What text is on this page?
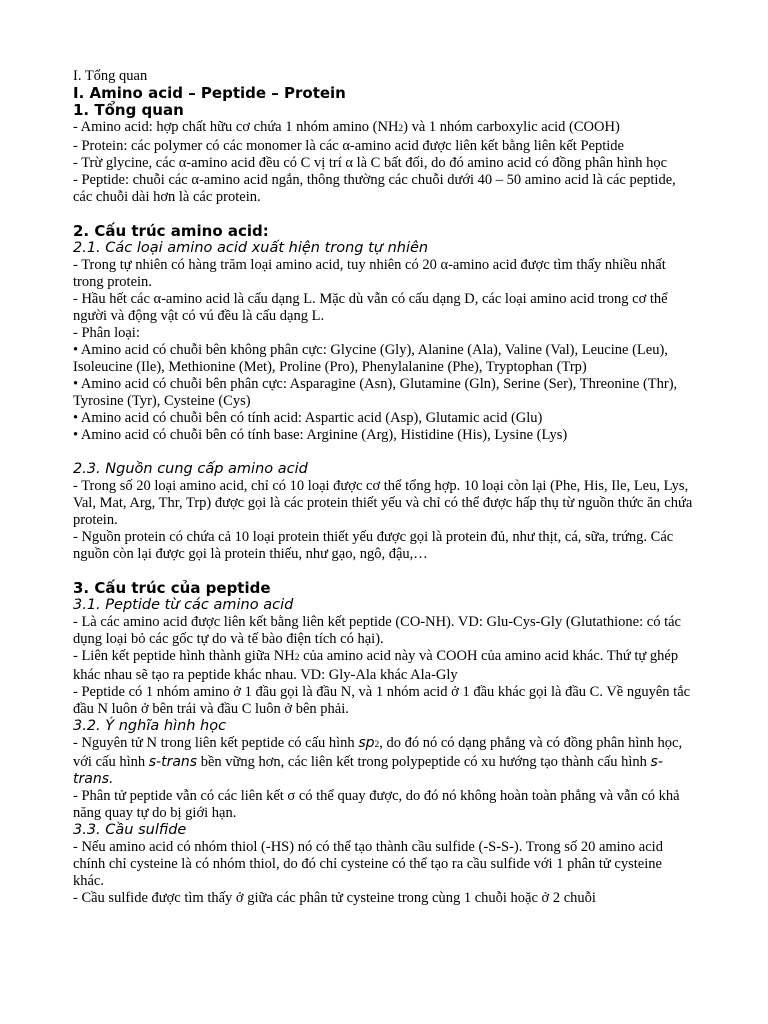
I. Tổng quan
I. Amino acid – Peptide – Protein
1. Tổng quan

- Amino acid: hợp chất hữu cơ chứa 1 nhóm amino (NH2) và 1 nhóm carboxylic acid (COOH)

- Protein: các polymer có các monomer là các α-amino acid được liên kết bằng liên kết Peptide

- Trừ glycine, các α-amino acid đều có C vị trí α là C bất đối, do đó amino acid có đồng phân hình học

- Peptide: chuỗi các α-amino acid ngắn, thông thường các chuỗi dưới 40 – 50 amino acid là các peptide, các chuỗi dài hơn là các protein.

2. Cấu trúc amino acid:
2.1. Các loại amino acid xuất hiện trong tự nhiên

- Trong tự nhiên có hàng trăm loại amino acid, tuy nhiên có 20 α-amino acid được tìm thấy nhiều nhất trong protein.

- Hầu hết các α-amino acid là cấu dạng L. Mặc dù vẫn có cấu dạng D, các loại amino acid trong cơ thể người và động vật có vú đều là cấu dạng L.

- Phân loại:

• Amino acid có chuỗi bên không phân cực: Glycine (Gly), Alanine (Ala), Valine (Val), Leucine (Leu), Isoleucine (Ile), Methionine (Met), Proline (Pro), Phenylalanine (Phe), Tryptophan (Trp)

• Amino acid có chuỗi bên phân cực: Asparagine (Asn), Glutamine (Gln), Serine (Ser), Threonine (Thr), Tyrosine (Tyr), Cysteine (Cys)

• Amino acid có chuỗi bên có tính acid: Aspartic acid (Asp), Glutamic acid (Glu)

• Amino acid có chuỗi bên có tính base: Arginine (Arg), Histidine (His), Lysine (Lys)

2.3. Nguồn cung cấp amino acid

- Trong số 20 loại amino acid, chỉ có 10 loại được cơ thể tổng hợp. 10 loại còn lại (Phe, His, Ile, Leu, Lys, Val, Mat, Arg, Thr, Trp) được gọi là các protein thiết yếu và chỉ có thể được hấp thụ từ nguồn thức ăn chứa protein.

- Nguồn protein có chứa cả 10 loại protein thiết yếu được gọi là protein đủ, như thịt, cá, sữa, trứng. Các nguồn còn lại được gọi là protein thiếu, như gạo, ngô, đậu,…

3. Cấu trúc của peptide
3.1. Peptide từ các amino acid

- Là các amino acid được liên kết bằng liên kết peptide (CO-NH). VD: Glu-Cys-Gly (Glutathione: có tác dụng loại bỏ các gốc tự do và tế bào điện tích có hại).

- Liên kết peptide hình thành giữa NH2 của amino acid này và COOH của amino acid khác. Thứ tự ghép khác nhau sẽ tạo ra peptide khác nhau. VD: Gly-Ala khác Ala-Gly

- Peptide có 1 nhóm amino ở 1 đầu gọi là đầu N, và 1 nhóm acid ở 1 đầu khác gọi là đầu C. Về nguyên tắc đầu N luôn ở bên trái và đầu C luôn ở bên phải.

3.2. Ý nghĩa hình học

- Nguyên tử N trong liên kết peptide có cấu hình sp2, do đó nó có dạng phẳng và có đồng phân hình học, với cấu hình s-trans bền vững hơn, các liên kết trong polypeptide có xu hướng tạo thành cấu hình s-trans.

- Phân tử peptide vẫn có các liên kết σ có thể quay được, do đó nó không hoàn toàn phẳng và vẫn có khả năng quay tự do bị giới hạn.

3.3. Cầu sulfide

- Nếu amino acid có nhóm thiol (-HS) nó có thể tạo thành cầu sulfide (-S-S-). Trong số 20 amino acid chính chỉ cysteine là có nhóm thiol, do đó chỉ cysteine có thể tạo ra cầu sulfide với 1 phân tử cysteine khác.

- Cầu sulfide được tìm thấy ở giữa các phân tử cysteine trong cùng 1 chuỗi hoặc ở 2 chuỗi
